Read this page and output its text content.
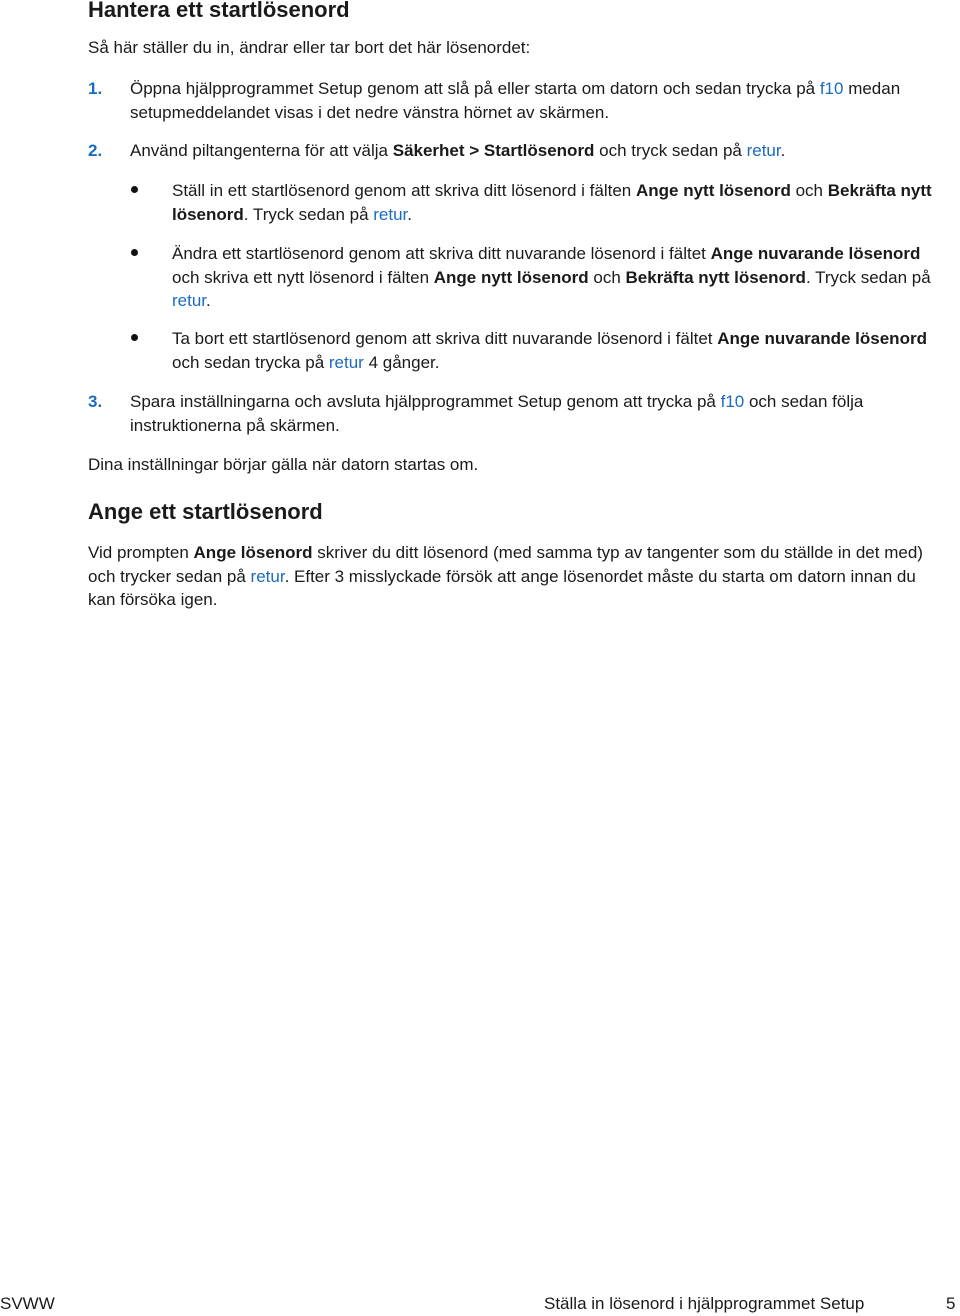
Hantera ett startlösenord

Så här ställer du in, ändrar eller tar bort det här lösenordet:

1. Öppna hjälpprogrammet Setup genom att slå på eller starta om datorn och sedan trycka på f10 medan setupmeddelandet visas i det nedre vänstra hörnet av skärmen.

2. Använd piltangenterna för att välja Säkerhet > Startlösenord och tryck sedan på retur.

Ställ in ett startlösenord genom att skriva ditt lösenord i fälten Ange nytt lösenord och Bekräfta nytt lösenord. Tryck sedan på retur.

Ändra ett startlösenord genom att skriva ditt nuvarande lösenord i fältet Ange nuvarande lösenord och skriva ett nytt lösenord i fälten Ange nytt lösenord och Bekräfta nytt lösenord. Tryck sedan på retur.

Ta bort ett startlösenord genom att skriva ditt nuvarande lösenord i fältet Ange nuvarande lösenord och sedan trycka på retur 4 gånger.

3. Spara inställningarna och avsluta hjälpprogrammet Setup genom att trycka på f10 och sedan följa instruktionerna på skärmen.

Dina inställningar börjar gälla när datorn startas om.

Ange ett startlösenord

Vid prompten Ange lösenord skriver du ditt lösenord (med samma typ av tangenter som du ställde in det med) och trycker sedan på retur. Efter 3 misslyckade försök att ange lösenordet måste du starta om datorn innan du kan försöka igen.

SVWW	Ställa in lösenord i hjälpprogrammet Setup	5
